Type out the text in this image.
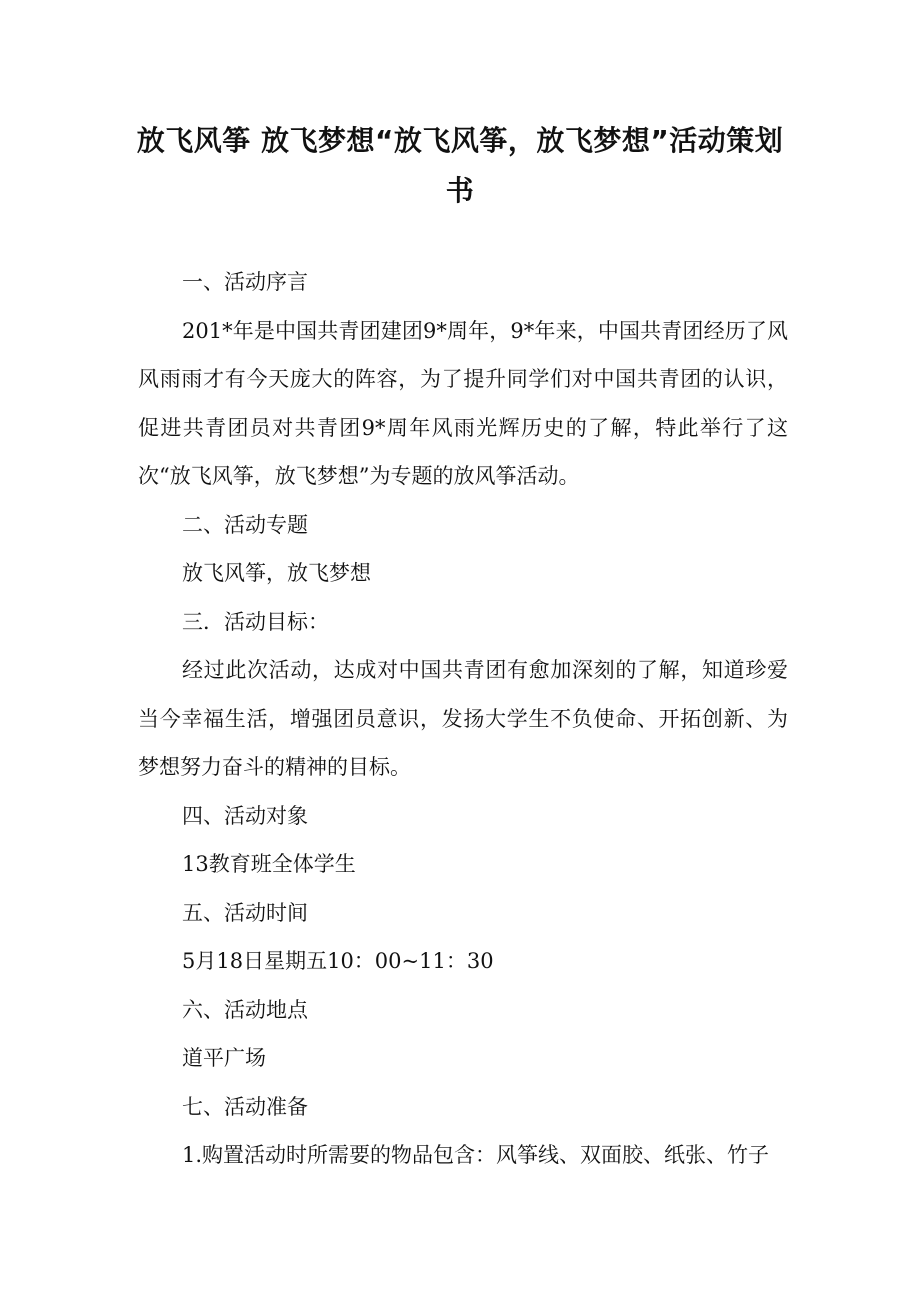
放飞风筝 放飞梦想“放飞风筝，放飞梦想”活动策划书

一、活动序言

201*年是中国共青团建团9*周年，9*年来，中国共青团经历了风风雨雨才有今天庞大的阵容，为了提升同学们对中国共青团的认识，促进共青团员对共青团9*周年风雨光辉历史的了解，特此举行了这次“放飞风筝，放飞梦想”为专题的放风筝活动。

二、活动专题

放飞风筝，放飞梦想

三．活动目标：

经过此次活动，达成对中国共青团有愈加深刻的了解，知道珍爱当今幸福生活，增强团员意识，发扬大学生不负使命、开拓创新、为梦想努力奋斗的精神的目标。

四、活动对象

13教育班全体学生

五、活动时间

5月18日星期五10：00~11：30

六、活动地点

道平广场

七、活动准备

1.购置活动时所需要的物品包含：风筝线、双面胶、纸张、竹子
